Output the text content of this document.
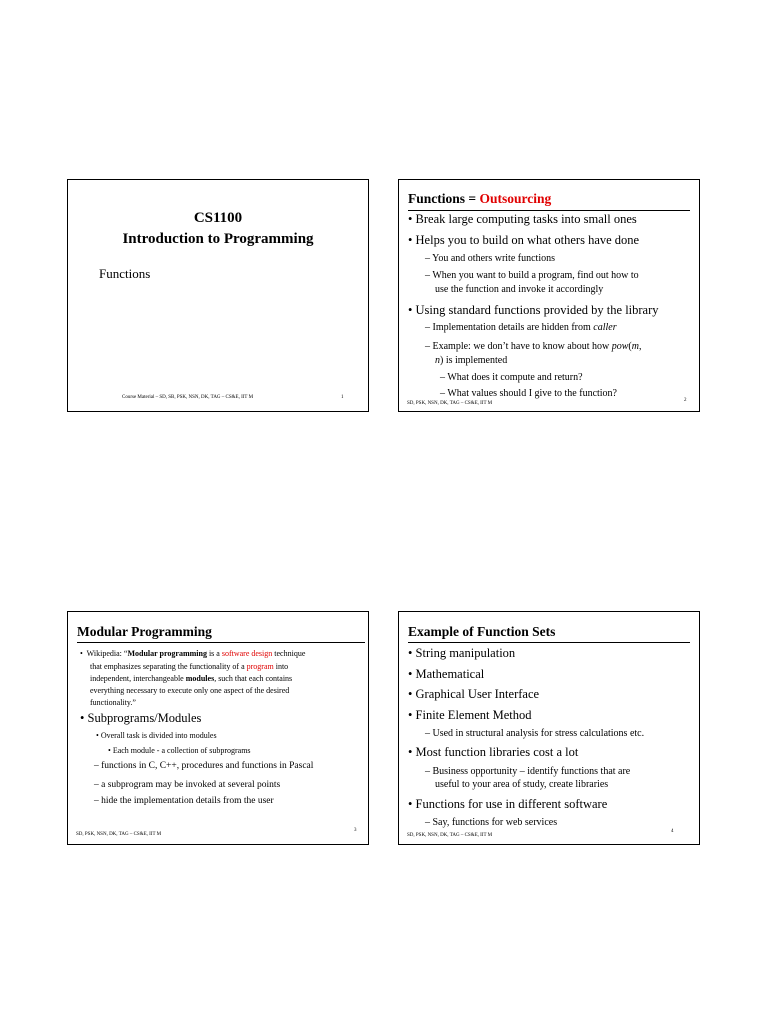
CS1100
Introduction to Programming
Functions
Course Material – SD, SB, PSK, NSN, DK, TAG – CS&E, IIT M	1
Functions = Outsourcing
• Break large computing tasks into small ones
• Helps you to build on what others have done
– You and others write functions
– When you want to build a program, find out how to
use the function and invoke it accordingly
• Using standard functions provided by the library
– Implementation details are hidden from caller
– Example: we don’t have to know about how pow(m,
n) is implemented
– What does it compute and return?
– What values should I give to the function?
SD, PSK, NSN, DK, TAG – CS&E, IIT M
2
Modular Programming
• Wikipedia: “Modular programming is a software design technique
that emphasizes separating the functionality of a program into
independent, interchangeable modules, such that each contains
everything necessary to execute only one aspect of the desired
functionality.”
• Subprograms/Modules
• Overall task is divided into modules
• Each module - a collection of subprograms
– functions in C, C++, procedures and functions in Pascal
– a subprogram may be invoked at several points
– hide the implementation details from the user
SD, PSK, NSN, DK, TAG – CS&E, IIT M
3
Example of Function Sets
• String manipulation
• Mathematical
• Graphical User Interface
• Finite Element Method
– Used in structural analysis for stress calculations etc.
• Most function libraries cost a lot
– Business opportunity – identify functions that are
useful to your area of study, create libraries
• Functions for use in different software
– Say, functions for web services
SD, PSK, NSN, DK, TAG – CS&E, IIT M
4
